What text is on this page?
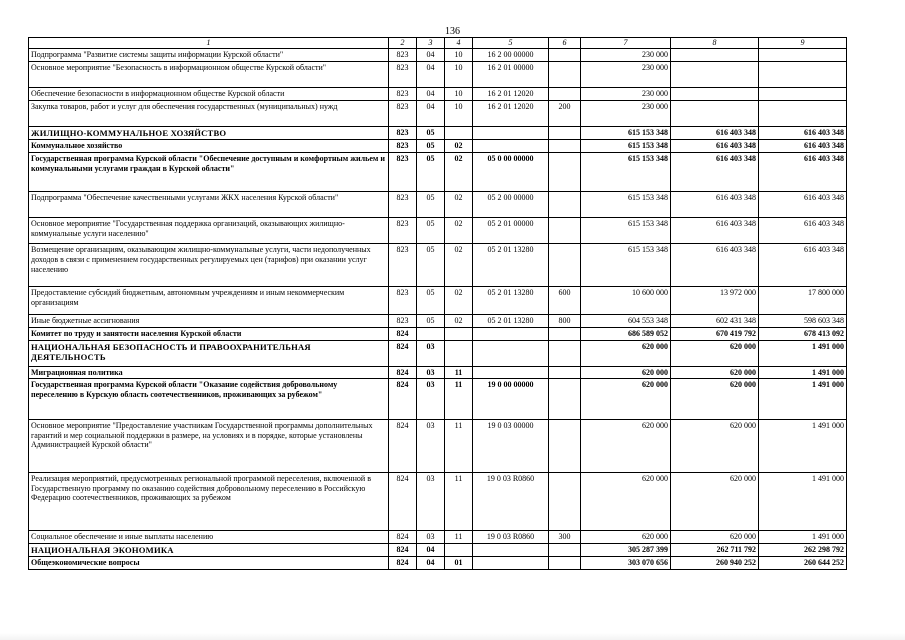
136
1	2	3	4	5	6	7	8	9
Подпрограмма "Развитие системы защиты информации Курской области"	823	04	10	16 2 00 00000		230 000		
Основное мероприятие "Безопасность в информационном обществе Курской области"	823	04	10	16 2 01 00000		230 000		
Обеспечение безопасности в информационном обществе Курской области	823	04	10	16 2 01 12020		230 000		
Закупка товаров, работ и услуг для обеспечения государственных (муниципальных) нужд	823	04	10	16 2 01 12020	200	230 000		
ЖИЛИЩНО-КОММУНАЛЬНОЕ ХОЗЯЙСТВО	823	05				615 153 348	616 403 348	616 403 348
Коммунальное хозяйство	823	05	02			615 153 348	616 403 348	616 403 348
Государственная программа Курской области "Обеспечение доступным и комфортным жильем и коммунальными услугами граждан в Курской области"	823	05	02	05 0 00 00000		615 153 348	616 403 348	616 403 348
Подпрограмма "Обеспечение качественными услугами ЖКХ населения Курской области"	823	05	02	05 2 00 00000		615 153 348	616 403 348	616 403 348
Основное мероприятие "Государственная поддержка организаций, оказывающих жилищно-коммунальные услуги населению"	823	05	02	05 2 01 00000		615 153 348	616 403 348	616 403 348
Возмещение организациям, оказывающим жилищно-коммунальные услуги, части недополученных доходов в связи с применением государственных регулируемых цен (тарифов) при оказании услуг населению	823	05	02	05 2 01 13280		615 153 348	616 403 348	616 403 348
Предоставление субсидий бюджетным, автономным учреждениям и иным некоммерческим организациям	823	05	02	05 2 01 13280	600	10 600 000	13 972 000	17 800 000
Иные бюджетные ассигнования	823	05	02	05 2 01 13280	800	604 553 348	602 431 348	598 603 348
Комитет по труду и занятости населения Курской области	824					686 589 052	670 419 792	678 413 092
НАЦИОНАЛЬНАЯ БЕЗОПАСНОСТЬ И ПРАВООХРАНИТЕЛЬНАЯ ДЕЯТЕЛЬНОСТЬ	824	03				620 000	620 000	1 491 000
Миграционная политика	824	03	11			620 000	620 000	1 491 000
Государственная программа Курской области "Оказание содействия добровольному переселению в Курскую область соотечественников, проживающих за рубежом"	824	03	11	19 0 00 00000		620 000	620 000	1 491 000
Основное мероприятие "Предоставление участникам Государственной программы дополнительных гарантий и мер социальной поддержки в размере, на условиях и в порядке, которые установлены Администрацией Курской области"	824	03	11	19 0 03 00000		620 000	620 000	1 491 000
Реализация мероприятий, предусмотренных региональной программой переселения, включенной в Государственную программу по оказанию содействия добровольному переселению в Российскую Федерацию соотечественников, проживающих за рубежом	824	03	11	19 0 03 R0860		620 000	620 000	1 491 000
Социальное обеспечение и иные выплаты населению	824	03	11	19 0 03 R0860	300	620 000	620 000	1 491 000
НАЦИОНАЛЬНАЯ ЭКОНОМИКА	824	04				305 287 399	262 711 792	262 298 792
Общеэкономические вопросы	824	04	01			303 070 656	260 940 252	260 644 252
